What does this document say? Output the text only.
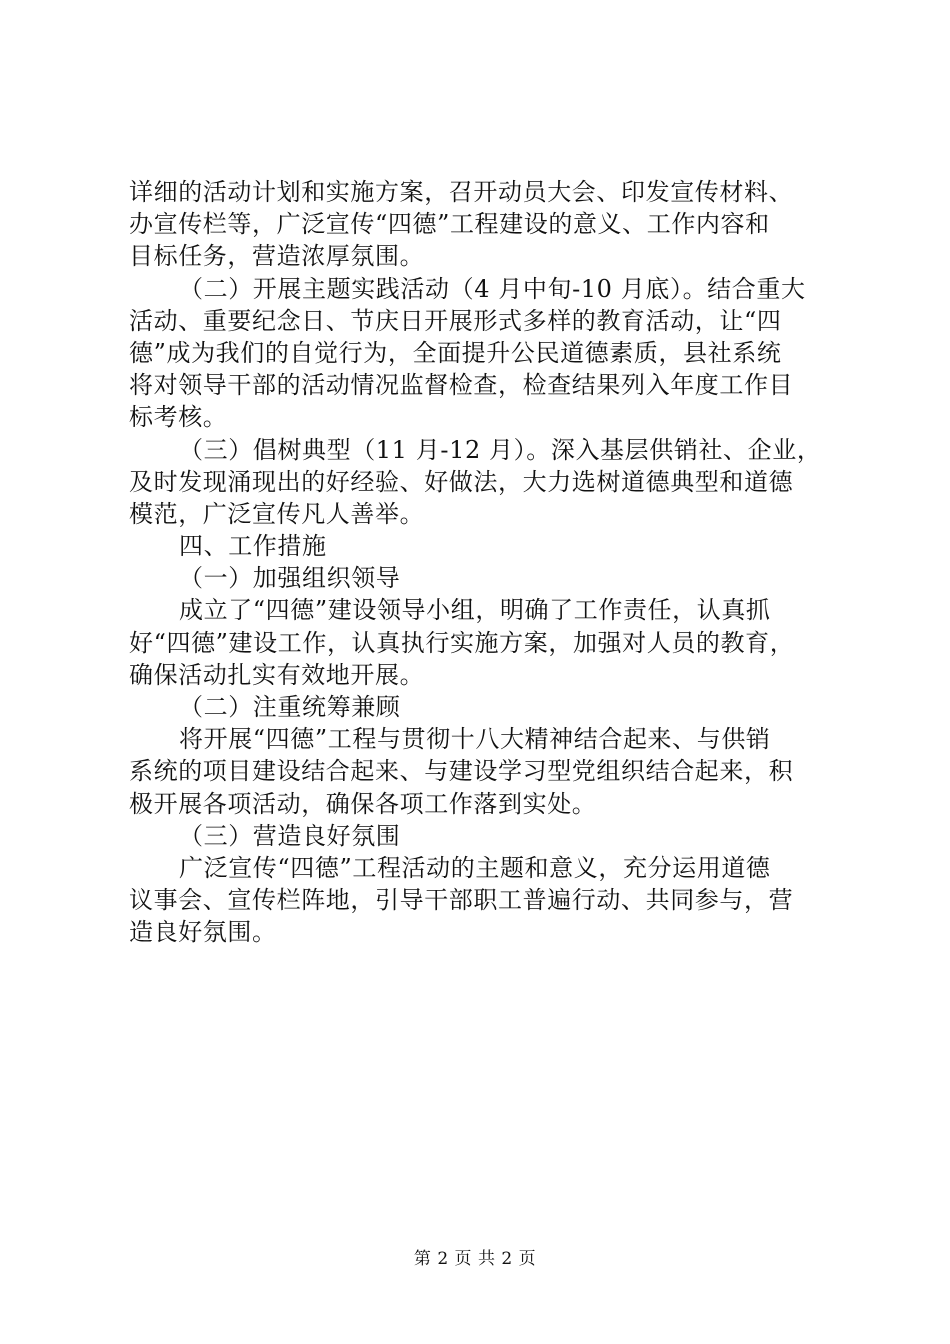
详细的活动计划和实施方案，召开动员大会、印发宣传材料、
办宣传栏等，广泛宣传“四德”工程建设的意义、工作内容和
目标任务，营造浓厚氛围。
（二）开展主题实践活动（4 月中旬-10 月底）。结合重大
活动、重要纪念日、节庆日开展形式多样的教育活动，让“四
德”成为我们的自觉行为，全面提升公民道德素质，县社系统
将对领导干部的活动情况监督检查，检查结果列入年度工作目
标考核。
（三）倡树典型（11 月-12 月）。深入基层供销社、企业，
及时发现涌现出的好经验、好做法，大力选树道德典型和道德
模范，广泛宣传凡人善举。
四、工作措施
（一）加强组织领导
成立了“四德”建设领导小组，明确了工作责任，认真抓
好“四德”建设工作，认真执行实施方案，加强对人员的教育，
确保活动扎实有效地开展。
（二）注重统筹兼顾
将开展“四德”工程与贯彻十八大精神结合起来、与供销
系统的项目建设结合起来、与建设学习型党组织结合起来，积
极开展各项活动，确保各项工作落到实处。
（三）营造良好氛围
广泛宣传“四德”工程活动的主题和意义，充分运用道德
议事会、宣传栏阵地，引导干部职工普遍行动、共同参与，营
造良好氛围。
第 2 页 共 2 页
